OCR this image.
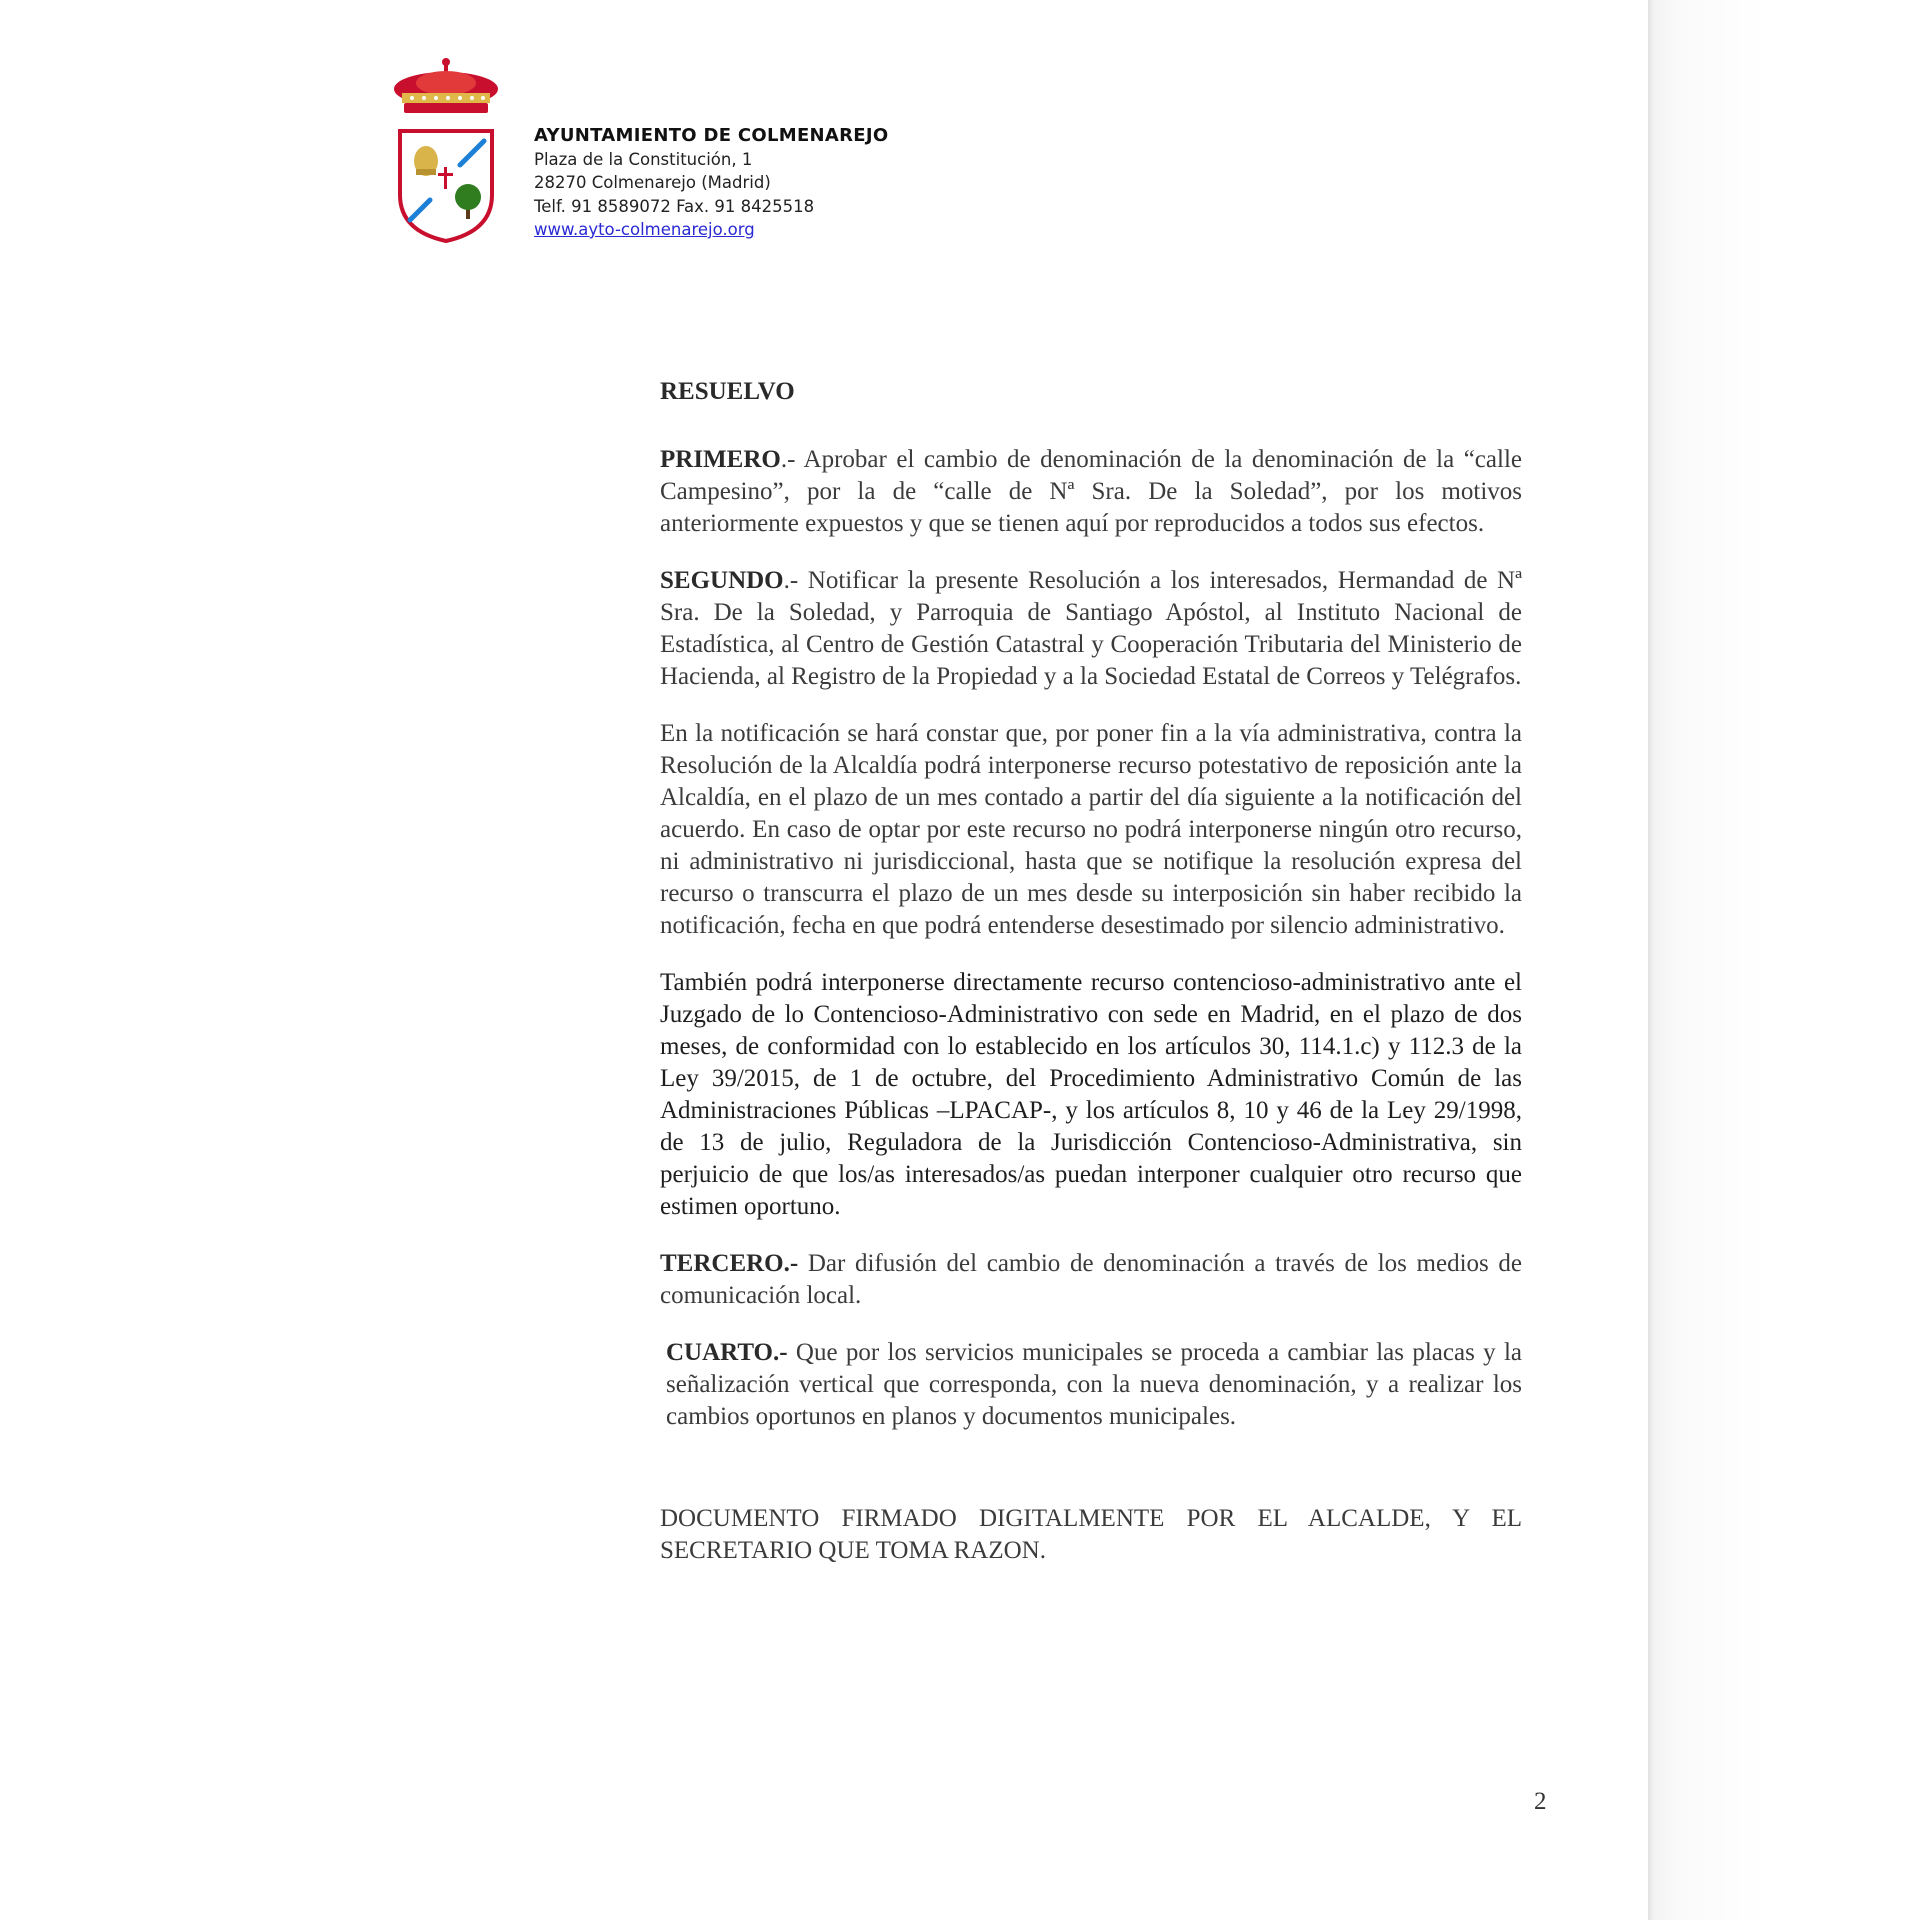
AYUNTAMIENTO DE COLMENAREJO
Plaza de la Constitución, 1
28270 Colmenarejo (Madrid)
Telf. 91 8589072 Fax. 91 8425518
www.ayto-colmenarejo.org

RESUELVO

PRIMERO.- Aprobar el cambio de denominación de la denominación de la “calle Campesino”, por la de “calle de Nª Sra. De la Soledad”, por los motivos anteriormente expuestos y que se tienen aquí por reproducidos a todos sus efectos.

SEGUNDO.- Notificar la presente Resolución a los interesados, Hermandad de Nª Sra. De la Soledad, y Parroquia de Santiago Apóstol, al Instituto Nacional de Estadística, al Centro de Gestión Catastral y Cooperación Tributaria del Ministerio de Hacienda, al Registro de la Propiedad y a la Sociedad Estatal de Correos y Telégrafos.

En la notificación se hará constar que, por poner fin a la vía administrativa, contra la Resolución de la Alcaldía podrá interponerse recurso potestativo de reposición ante la Alcaldía, en el plazo de un mes contado a partir del día siguiente a la notificación del acuerdo. En caso de optar por este recurso no podrá interponerse ningún otro recurso, ni administrativo ni jurisdiccional, hasta que se notifique la resolución expresa del recurso o transcurra el plazo de un mes desde su interposición sin haber recibido la notificación, fecha en que podrá entenderse desestimado por silencio administrativo.

También podrá interponerse directamente recurso contencioso-administrativo ante el Juzgado de lo Contencioso-Administrativo con sede en Madrid, en el plazo de dos meses, de conformidad con lo establecido en los artículos 30, 114.1.c) y 112.3 de la Ley 39/2015, de 1 de octubre, del Procedimiento Administrativo Común de las Administraciones Públicas –LPACAP-, y los artículos 8, 10 y 46 de la Ley 29/1998, de 13 de julio, Reguladora de la Jurisdicción Contencioso-Administrativa, sin perjuicio de que los/as interesados/as puedan interponer cualquier otro recurso que estimen oportuno.

TERCERO.- Dar difusión del cambio de denominación a través de los medios de comunicación local.

CUARTO.- Que por los servicios municipales se proceda a cambiar las placas y la señalización vertical que corresponda, con la nueva denominación, y a realizar los cambios oportunos en planos y documentos municipales.

DOCUMENTO FIRMADO DIGITALMENTE POR EL ALCALDE, Y EL SECRETARIO QUE TOMA RAZON.

2
